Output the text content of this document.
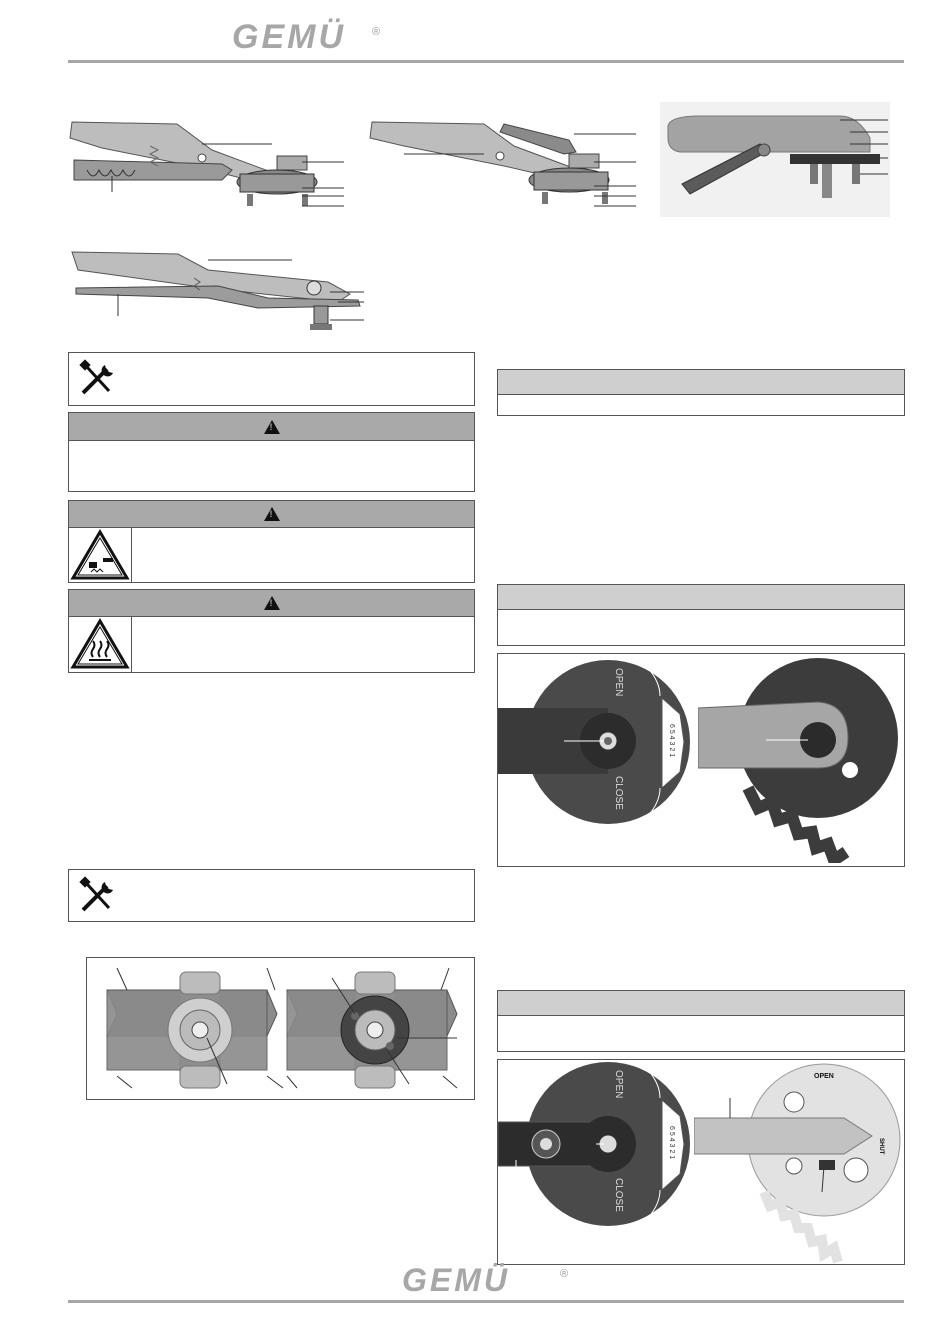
GEMÜ ®
!
!
!
OPEN
CLOSE
6 5 4 3 2 1
OPEN
CLOSE
6 5 4 3 2 1
OPEN
SHUT
GEMÜ	®
